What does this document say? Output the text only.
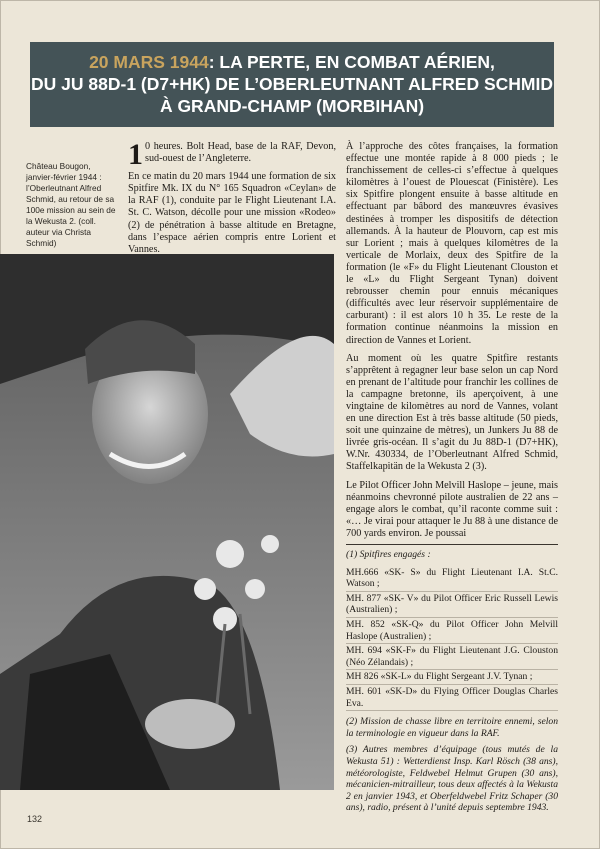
20 MARS 1944: LA PERTE, EN COMBAT AÉRIEN,
DU JU 88D-1 (D7+HK) DE L’OBERLEUTNANT ALFRED SCHMID
À GRAND-CHAMP (MORBIHAN)
Château Bougon, janvier-février 1944 : l’Oberleutnant Alfred Schmid, au retour de sa 100e mission au sein de la Wekusta 2. (coll. auteur via Christa Schmid)

1 0 heures. Bolt Head, base de la RAF, Devon, sud-ouest de l’Angleterre.

En ce matin du 20 mars 1944 une formation de six Spitfire Mk. IX du N° 165 Squadron «Ceylan» de la RAF (1), conduite par le Flight Lieutenant I.A. St. C. Watson, décolle pour une mission «Rodeo» (2) de pénétration à basse altitude en Bretagne, dans l’espace aérien compris entre Lorient et Vannes.

À l’approche des côtes françaises, la formation effectue une montée rapide à 8 000 pieds ; le franchissement de celles-ci s’effectue à quelques kilomètres à l’ouest de Plouescat (Finistère). Les six Spitfire plongent ensuite à basse altitude en effectuant par bâbord des manœuvres évasives destinées à tromper les dispositifs de détection allemands. À la hauteur de Plouvorn, cap est mis sur Lorient ; mais à quelques kilomètres de la verticale de Morlaix, deux des Spitfire de la formation (le «F» du Flight Lieutenant Clouston et le «L» du Flight Sergeant Tynan) doivent rebrousser chemin pour ennuis mécaniques (difficultés avec leur réservoir supplémentaire de carburant) : il est alors 10 h 35. Le reste de la formation continue néanmoins la mission en direction de Vannes et Lorient.

Au moment où les quatre Spitfire restants s’apprêtent à regagner leur base selon un cap Nord en prenant de l’altitude pour franchir les collines de la campagne bretonne, ils aperçoivent, à une vingtaine de kilomètres au nord de Vannes, volant en une direction Est à très basse altitude (50 pieds, soit une quinzaine de mètres), un Junkers Ju 88 de livrée gris-océan. Il s’agit du Ju 88D-1 (D7+HK), W.Nr. 430334, de l’Oberleutnant Alfred Schmid, Staffelkapitän de la Wekusta 2 (3).

Le Pilot Officer John Melvill Haslope – jeune, mais néanmoins chevronné pilote australien de 22 ans – engage alors le combat, qu’il raconte comme suit : «… Je virai pour attaquer le Ju 88 à une distance de 700 yards environ. Je poussai

(1) Spitfires engagés :
MH.666 «SK- S» du Flight Lieutenant I.A. St.C. Watson ;
MH. 877 «SK- V» du Pilot Officer Eric Russell Lewis (Australien) ;
MH. 852 «SK-Q» du Pilot Officer John Melvill Haslope (Australien) ;
MH. 694 «SK-F» du Flight Lieutenant J.G. Clouston (Néo Zélandais) ;
MH 826 «SK-L» du Flight Sergeant J.V. Tynan ;
MH. 601 «SK-D» du Flying Officer Douglas Charles Eva.
(2) Mission de chasse libre en territoire ennemi, selon la terminologie en vigueur dans la RAF.
(3) Autres membres d’équipage (tous mutés de la Wekusta 51) : Wetterdienst Insp. Karl Rösch (38 ans), météorologiste, Feldwebel Helmut Grupen (30 ans), mécanicien-mitrailleur, tous deux affectés à la Wekusta 2 en janvier 1943, et Oberfeldwebel Fritz Schaper (30 ans), radio, présent à l’unité depuis septembre 1943.
132
